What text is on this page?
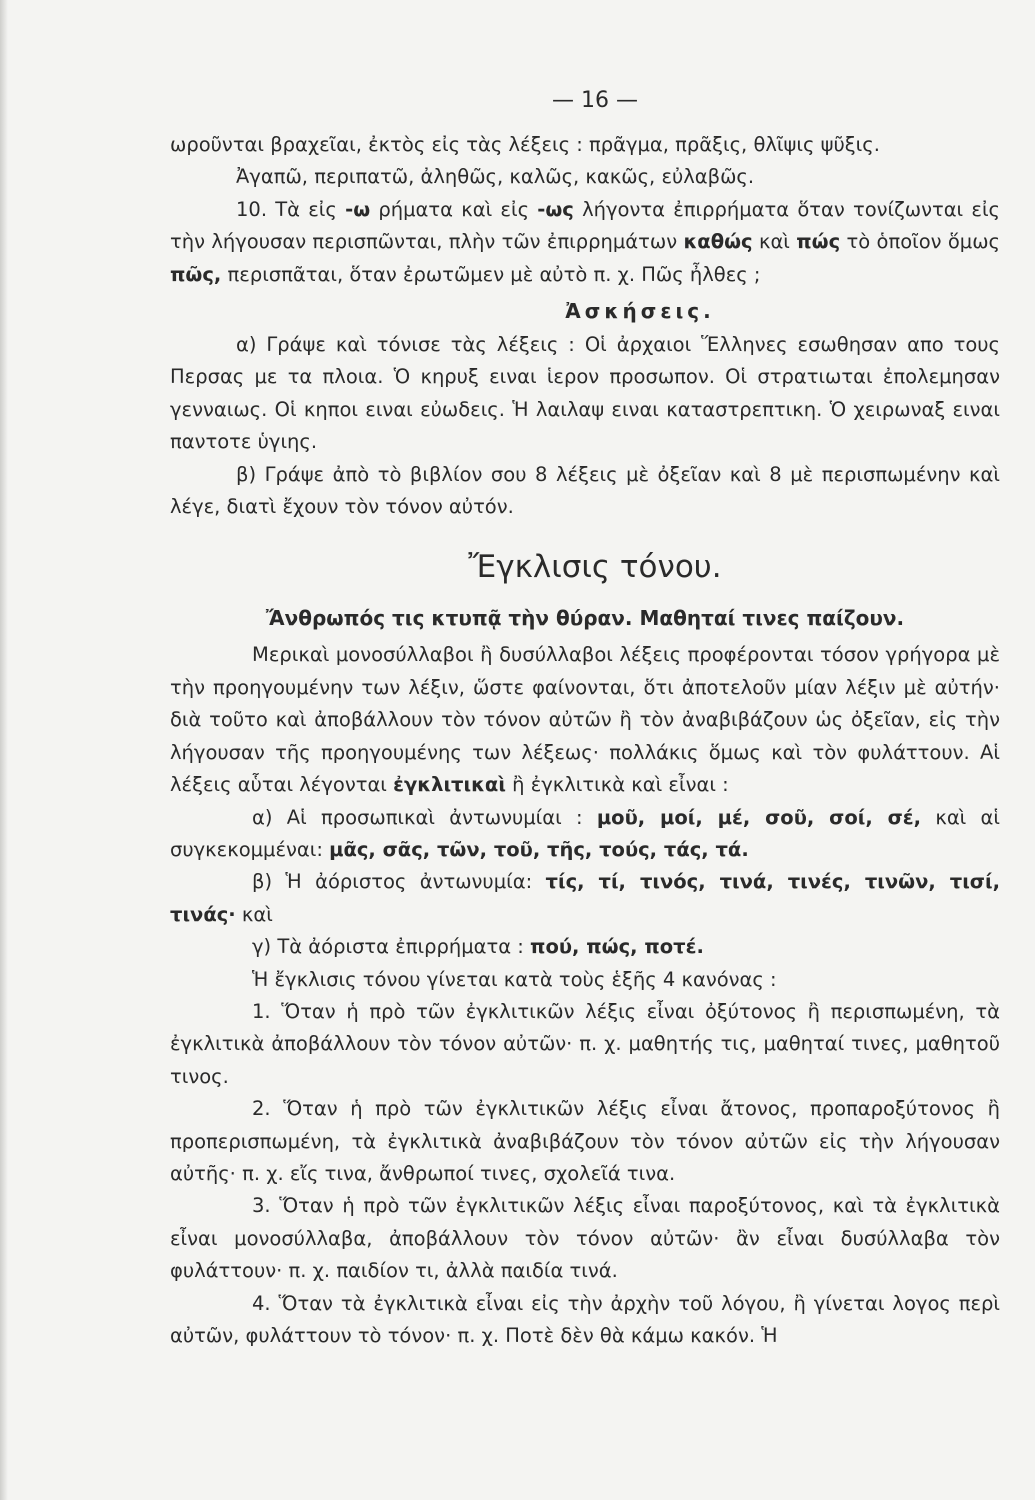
— 16 —

ωροῦνται βραχεῖαι, ἐκτὸς εἰς τὰς λέξεις : πρᾶγμα, πρᾶξις, θλῖψις ψῦξις.

Ἀγαπῶ, περιπατῶ, ἀληθῶς, καλῶς, κακῶς, εὐλαβῶς.

10. Τὰ εἰς -ω ρήματα καὶ εἰς -ως λήγοντα ἐπιρρήματα ὅταν τονίζωνται εἰς τὴν λήγουσαν περισπῶνται, πλὴν τῶν ἐπιρρημάτων καθώς καὶ πώς τὸ ὁποῖον ὅμως πῶς, περισπᾶται, ὅταν ἐρωτῶμεν μὲ αὐτὸ π. χ. Πῶς ἦλθες ;

Ἀσκήσεις.

α) Γράψε καὶ τόνισε τὰς λέξεις : Οἱ ἀρχαιοι Ἕλληνες εσωθησαν απο τους Περσας με τα πλοια. Ὁ κηρυξ ειναι ἱερον προσωπον. Οἱ στρατιωται ἐπολεμησαν γενναιως. Οἱ κηποι ειναι εὐωδεις. Ἡ λαιλαψ ειναι καταστρεπτικη. Ὁ χειρωναξ ειναι παντοτε ὑγιης.

β) Γράψε ἀπὸ τὸ βιβλίον σου 8 λέξεις μὲ ὀξεῖαν καὶ 8 μὲ περισπωμένην καὶ λέγε, διατὶ ἔχουν τὸν τόνον αὐτόν.

Ἔγκλισις τόνου.
Ἄνθρωπός τις κτυπᾷ τὴν θύραν. Μαθηταί τινες παίζουν.

Μερικαὶ μονοσύλλαβοι ἢ δυσύλλαβοι λέξεις προφέρονται τόσον γρήγορα μὲ τὴν προηγουμένην των λέξιν, ὥστε φαίνονται, ὅτι ἀποτελοῦν μίαν λέξιν μὲ αὐτήν· διὰ τοῦτο καὶ ἀποβάλλουν τὸν τόνον αὐτῶν ἢ τὸν ἀναβιβάζουν ὡς ὀξεῖαν, εἰς τὴν λήγουσαν τῆς προηγουμένης των λέξεως· πολλάκις ὅμως καὶ τὸν φυλάττουν. Αἱ λέξεις αὗται λέγονται ἐγκλιτικαὶ ἢ ἐγκλιτικὰ καὶ εἶναι :

α) Αἱ προσωπικαὶ ἀντωνυμίαι : μοῦ, μοί, μέ, σοῦ, σοί, σέ, καὶ αἱ συγκεκομμέναι: μᾶς, σᾶς, τῶν, τοῦ, τῆς, τούς, τάς, τά.

β) Ἡ ἀόριστος ἀντωνυμία: τίς, τί, τινός, τινά, τινές, τινῶν, τισί, τινάς· καὶ

γ) Τὰ ἀόριστα ἐπιρρήματα : πού, πώς, ποτέ.

Ἡ ἔγκλισις τόνου γίνεται κατὰ τοὺς ἑξῆς 4 κανόνας :

1. Ὅταν ἡ πρὸ τῶν ἐγκλιτικῶν λέξις εἶναι ὀξύτονος ἢ περισπωμένη, τὰ ἐγκλιτικὰ ἀποβάλλουν τὸν τόνον αὐτῶν· π. χ. μαθητής τις, μαθηταί τινες, μαθητοῦ τινος.

2. Ὅταν ἡ πρὸ τῶν ἐγκλιτικῶν λέξις εἶναι ἄτονος, προπαροξύτονος ἢ προπερισπωμένη, τὰ ἐγκλιτικὰ ἀναβιβάζουν τὸν τόνον αὐτῶν εἰς τὴν λήγουσαν αὐτῆς· π. χ. εἴς τινα, ἄνθρωποί τινες, σχολεῖά τινα.

3. Ὅταν ἡ πρὸ τῶν ἐγκλιτικῶν λέξις εἶναι παροξύτονος, καὶ τὰ ἐγκλιτικὰ εἶναι μονοσύλλαβα, ἀποβάλλουν τὸν τόνον αὐτῶν· ἂν εἶναι δυσύλλαβα τὸν φυλάττουν· π. χ. παιδίον τι, ἀλλὰ παιδία τινά.

4. Ὅταν τὰ ἐγκλιτικὰ εἶναι εἰς τὴν ἀρχὴν τοῦ λόγου, ἢ γίνεται λογος περὶ αὐτῶν, φυλάττουν τὸ τόνον· π. χ. Ποτὲ δὲν θὰ κάμω κακόν. Ἡ
